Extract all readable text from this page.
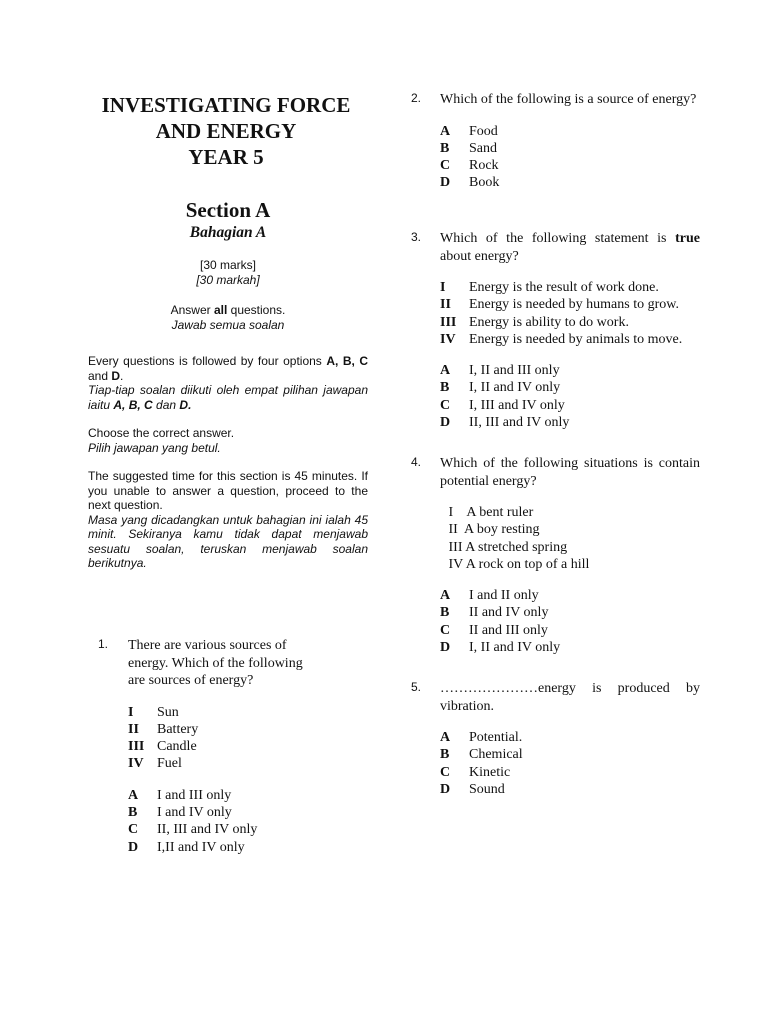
INVESTIGATING FORCE
AND ENERGY
YEAR 5
Section A
Bahagian A
[30 marks]
[30 markah]
Answer all questions.
Jawab semua soalan

Every questions is followed by four options A, B, C and D.

Tiap-tiap soalan diikuti oleh empat pilihan jawapan iaitu A, B, C dan D.

Choose the correct answer.

Pilih jawapan yang betul.

The suggested time for this section is 45 minutes. If you unable to answer a question, proceed to the next question.

Masa yang dicadangkan untuk bahagian ini ialah 45 minit. Sekiranya kamu tidak dapat menjawab sesuatu soalan, teruskan menjawab soalan berikutnya.

1. There are various sources of
energy. Which of the following
are sources of energy?
I	Sun
II	Battery
III Candle
IV Fuel
A	I and III only
B	I and IV only
C	II, III and IV only
D	I,II and IV only
2. Which of the following is a source of energy?
A	Food
B	Sand
C	Rock
D	Book
3. Which of the following statement is true about energy?
I	Energy is the result of work done.
II	Energy is needed by humans to grow.
III Energy is ability to do work.
IV Energy is needed by animals to move.
A	I, II and III only
B	I, II and IV only
C	I, III and IV only
D	II, III and IV only
4. Which of the following situations is contain potential energy?
I    A bent ruler
II  A boy resting
III A stretched spring
IV A rock on top of a hill
A	I and II only
B	II and IV only
C	II and III only
D	I, II and IV only
5. …………………energy is produced by vibration.
A	Potential.
B	Chemical
C	Kinetic
D	Sound
